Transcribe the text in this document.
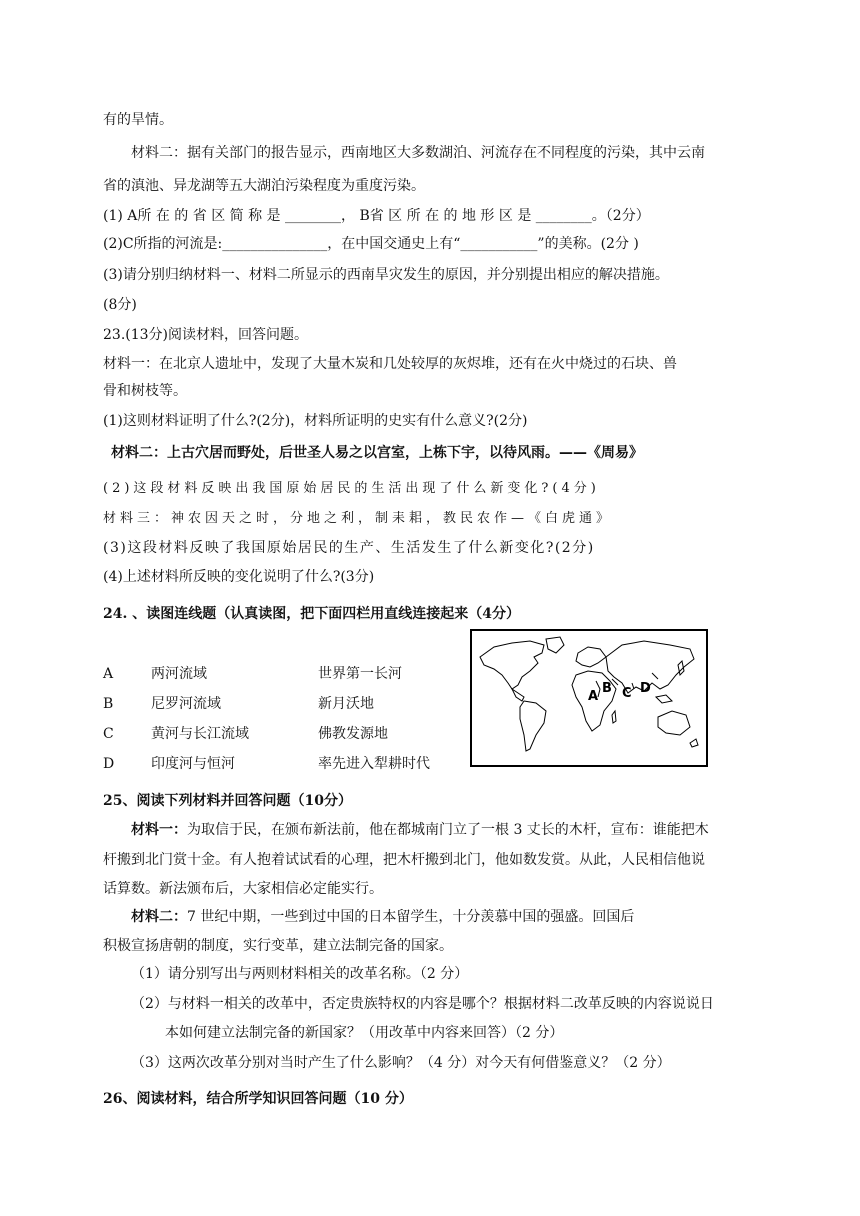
有的旱情。
材料二：据有关部门的报告显示，西南地区大多数湖泊、河流存在不同程度的污染，其中云南
省的滇池、异龙湖等五大湖泊污染程度为重度污染。
(1) A所 在 的 省 区 简 称 是 ________， B省 区 所 在 的 地 形 区 是 ________。（2分）
(2)C所指的河流是:_______________，在中国交通史上有“___________”的美称。(2分 )
(3)请分别归纳材料一、材料二所显示的西南旱灾发生的原因，并分别提出相应的解决措施。
(8分)
23.(13分)阅读材料，回答问题。
材料一：在北京人遗址中，发现了大量木炭和几处较厚的灰烬堆，还有在火中烧过的石块、兽
骨和树枝等。
(1)这则材料证明了什么?(2分)，材料所证明的史实有什么意义?(2分)
材料二：上古穴居而野处，后世圣人易之以宫室，上栋下宇，以待风雨。——《周易》
(2)这段材料反映出我国原始居民的生活出现了什么新变化?(4分)
材料三：神农因天之时，分地之利，制耒耜，教民农作—《白虎通》
(3)这段材料反映了我国原始居民的生产、生活发生了什么新变化?(2分)
(4)上述材料所反映的变化说明了什么?(3分)
24. 、读图连线题（认真读图，把下面四栏用直线连接起来（4分）
A	两河流域	世界第一长河
B	尼罗河流域	新月沃地
C	黄河与长江流域	佛教发源地
D	印度河与恒河	率先进入犁耕时代
A
B C D
25、阅读下列材料并回答问题（10分）
材料一：为取信于民，在颁布新法前，他在都城南门立了一根 3 丈长的木杆，宣布：谁能把木
杆搬到北门赏十金。有人抱着试试看的心理，把木杆搬到北门，他如数发赏。从此，人民相信他说
话算数。新法颁布后，大家相信必定能实行。
材料二：7 世纪中期，一些到过中国的日本留学生，十分羡慕中国的强盛。回国后
积极宣扬唐朝的制度，实行变革，建立法制完备的国家。
（1）请分别写出与两则材料相关的改革名称。（2 分）
（2）与材料一相关的改革中，否定贵族特权的内容是哪个？根据材料二改革反映的内容说说日
本如何建立法制完备的新国家？（用改革中内容来回答）（2 分）
（3）这两次改革分别对当时产生了什么影响？（4 分）对今天有何借鉴意义？（2 分）
26、阅读材料，结合所学知识回答问题（10 分）
